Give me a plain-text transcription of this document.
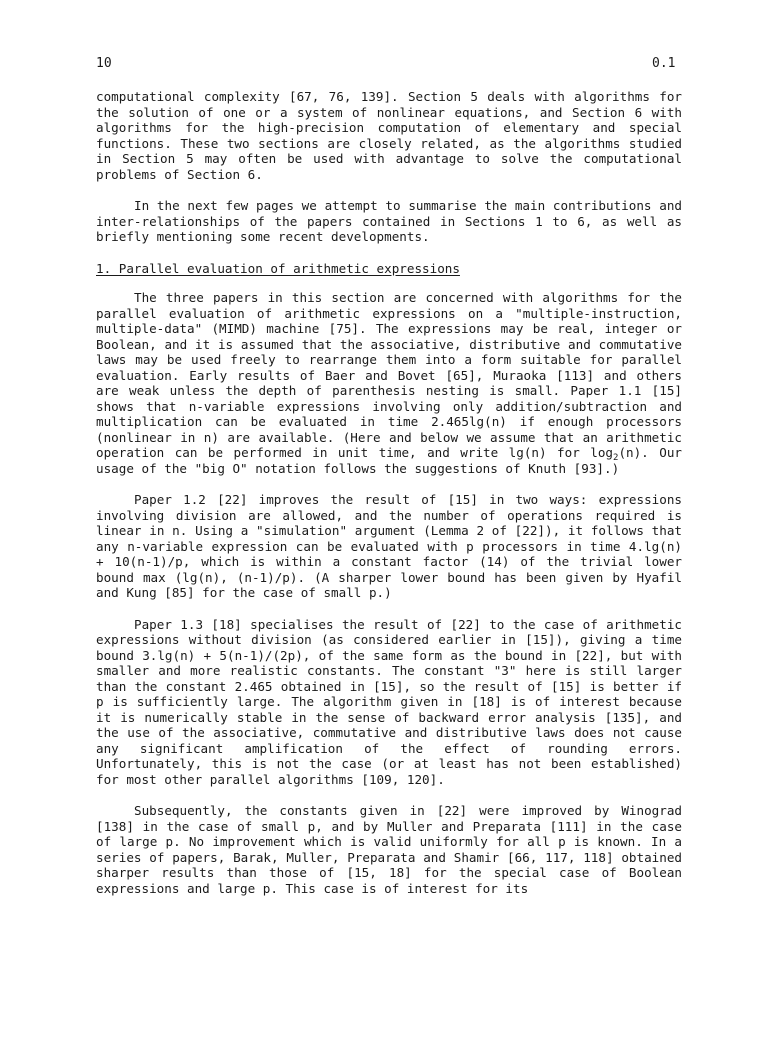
10	0.1

computational complexity [67, 76, 139]. Section 5 deals with algorithms for the solution of one or a system of nonlinear equations, and Section 6 with algorithms for the high-precision computation of elementary and special functions. These two sections are closely related, as the algorithms studied in Section 5 may often be used with advantage to solve the computational problems of Section 6.

In the next few pages we attempt to summarise the main contributions and inter-relationships of the papers contained in Sections 1 to 6, as well as briefly mentioning some recent developments.

1. Parallel evaluation of arithmetic expressions

The three papers in this section are concerned with algorithms for the parallel evaluation of arithmetic expressions on a "multiple-instruction, multiple-data" (MIMD) machine [75]. The expressions may be real, integer or Boolean, and it is assumed that the associative, distributive and commutative laws may be used freely to rearrange them into a form suitable for parallel evaluation. Early results of Baer and Bovet [65], Muraoka [113] and others are weak unless the depth of parenthesis nesting is small. Paper 1.1 [15] shows that n-variable expressions involving only addition/subtraction and multiplication can be evaluated in time 2.465lg(n) if enough processors (nonlinear in n) are available. (Here and below we assume that an arithmetic operation can be performed in unit time, and write lg(n) for $\log_2(n)$. Our usage of the "big O" notation follows the suggestions of Knuth [93].)

Paper 1.2 [22] improves the result of [15] in two ways: expressions involving division are allowed, and the number of operations required is linear in n. Using a "simulation" argument (Lemma 2 of [22]), it follows that any n-variable expression can be evaluated with p processors in time 4.lg(n) + 10(n-1)/p, which is within a constant factor (14) of the trivial lower bound max (lg(n), (n-1)/p). (A sharper lower bound has been given by Hyafil and Kung [85] for the case of small p.)

Paper 1.3 [18] specialises the result of [22] to the case of arithmetic expressions without division (as considered earlier in [15]), giving a time bound 3.lg(n) + 5(n-1)/(2p), of the same form as the bound in [22], but with smaller and more realistic constants. The constant "3" here is still larger than the constant 2.465 obtained in [15], so the result of [15] is better if p is sufficiently large. The algorithm given in [18] is of interest because it is numerically stable in the sense of backward error analysis [135], and the use of the associative, commutative and distributive laws does not cause any significant amplification of the effect of rounding errors. Unfortunately, this is not the case (or at least has not been established) for most other parallel algorithms [109, 120].

Subsequently, the constants given in [22] were improved by Winograd [138] in the case of small p, and by Muller and Preparata [111] in the case of large p. No improvement which is valid uniformly for all p is known. In a series of papers, Barak, Muller, Preparata and Shamir [66, 117, 118] obtained sharper results than those of [15, 18] for the special case of Boolean expressions and large p. This case is of interest for its
